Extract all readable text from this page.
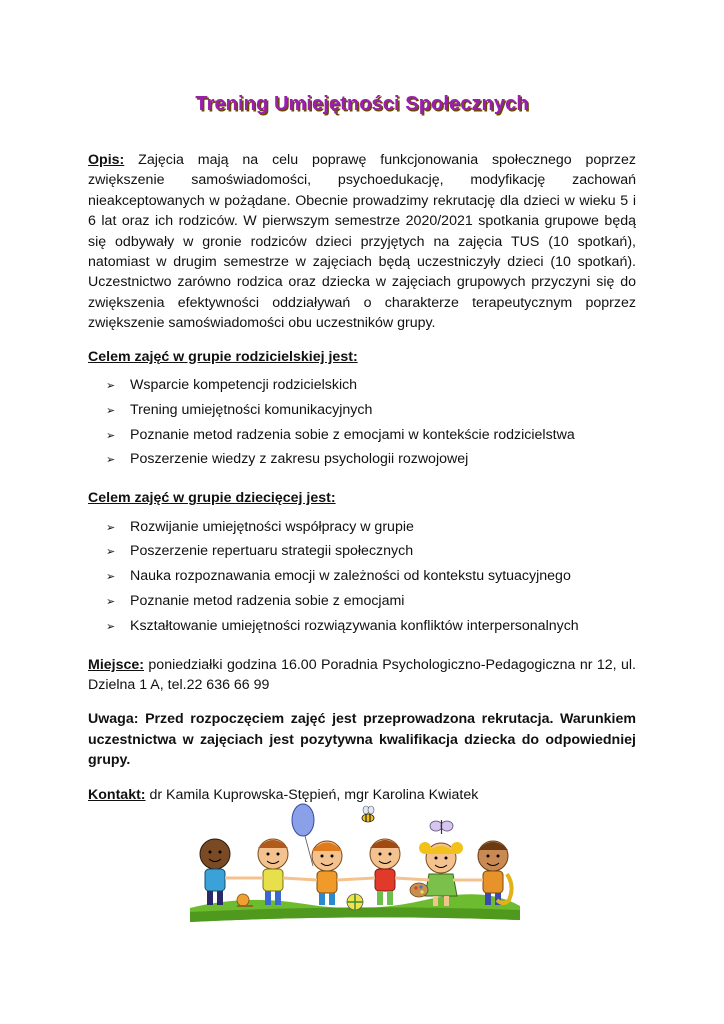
Trening Umiejętności Społecznych

Opis: Zajęcia mają na celu poprawę funkcjonowania społecznego poprzez zwiększenie samoświadomości, psychoedukację, modyfikację zachowań nieakceptowanych w pożądane. Obecnie prowadzimy rekrutację dla dzieci w wieku 5 i 6 lat oraz ich rodziców. W pierwszym semestrze 2020/2021 spotkania grupowe będą się odbywały w gronie rodziców dzieci przyjętych na zajęcia TUS (10 spotkań), natomiast w drugim semestrze w zajęciach będą uczestniczyły dzieci (10 spotkań). Uczestnictwo zarówno rodzica oraz dziecka w zajęciach grupowych przyczyni się do zwiększenia efektywności oddziaływań o charakterze terapeutycznym poprzez zwiększenie samoświadomości obu uczestników grupy.

Celem zajęć w grupie rodzicielskiej jest:
➢	Wsparcie kompetencji rodzicielskich
➢	Trening umiejętności komunikacyjnych
➢	Poznanie metod radzenia sobie z emocjami w kontekście rodzicielstwa
➢	Poszerzenie wiedzy z zakresu psychologii rozwojowej
Celem zajęć w grupie dziecięcej jest:
➢	Rozwijanie umiejętności współpracy w grupie
➢	Poszerzenie repertuaru strategii społecznych
➢	Nauka rozpoznawania emocji w zależności od kontekstu sytuacyjnego
➢	Poznanie metod radzenia sobie z emocjami
➢	Kształtowanie umiejętności rozwiązywania konfliktów interpersonalnych

Miejsce: poniedziałki godzina 16.00 Poradnia Psychologiczno-Pedagogiczna nr 12, ul. Dzielna 1 A, tel.22 636 66 99

Uwaga: Przed rozpoczęciem zajęć jest przeprowadzona rekrutacja. Warunkiem uczestnictwa w zajęciach jest pozytywna kwalifikacja dziecka do odpowiedniej grupy.

Kontakt: dr Kamila Kuprowska-Stępień, mgr Karolina Kwiatek
